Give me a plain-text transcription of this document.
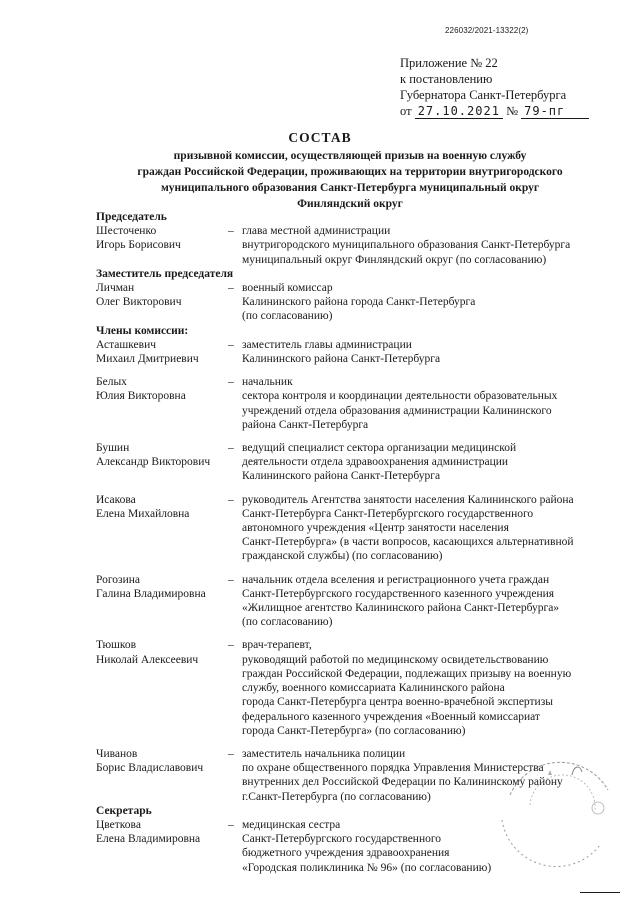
226032/2021-13322(2)
Приложение № 22
к постановлению
Губернатора Санкт-Петербурга
от 27.10.2021 № 79-пг
СОСТАВ
призывной комиссии, осуществляющей призыв на военную службу
граждан Российской Федерации, проживающих на территории внутригородского
муниципального образования Санкт-Петербурга муниципальный округ
Финляндский округ
Председатель
Шесточенко
Игорь Борисович
– глава местной администрации
внутригородского муниципального образования Санкт-Петербурга
муниципальный округ Финляндский округ (по согласованию)
Заместитель председателя
Личман
Олег Викторович
– военный комиссар
Калининского района города Санкт-Петербурга
(по согласованию)
Члены комиссии:
Асташкевич
Михаил Дмитриевич
– заместитель главы администрации
Калининского района Санкт-Петербурга
Белых
Юлия Викторовна
– начальник
сектора контроля и координации деятельности образовательных
учреждений отдела образования администрации Калининского
района Санкт-Петербурга
Бушин
Александр Викторович
– ведущий специалист сектора организации медицинской
деятельности отдела здравоохранения администрации
Калининского района Санкт-Петербурга
Исакова
Елена Михайловна
– руководитель Агентства занятости населения Калининского района
Санкт-Петербурга Санкт-Петербургского государственного
автономного учреждения «Центр занятости населения
Санкт-Петербурга» (в части вопросов, касающихся альтернативной
гражданской службы) (по согласованию)
Рогозина
Галина Владимировна
– начальник отдела вселения и регистрационного учета граждан
Санкт-Петербургского государственного казенного учреждения
«Жилищное агентство Калининского района Санкт-Петербурга»
(по согласованию)
Тюшков
Николай Алексеевич
– врач-терапевт,
руководящий работой по медицинскому освидетельствованию
граждан Российской Федерации, подлежащих призыву на военную
службу, военного комиссариата Калининского района
города Санкт-Петербурга центра военно-врачебной экспертизы
федерального казенного учреждения «Военный комиссариат
города Санкт-Петербурга» (по согласованию)
Чиванов
Борис Владиславович
– заместитель начальника полиции
по охране общественного порядка Управления Министерства
внутренних дел Российской Федерации по Калининскому району
г.Санкт-Петербурга (по согласованию)
Секретарь
Цветкова
Елена Владимировна
– медицинская сестра
Санкт-Петербургского государственного
бюджетного учреждения здравоохранения
«Городская поликлиника № 96» (по согласованию)
